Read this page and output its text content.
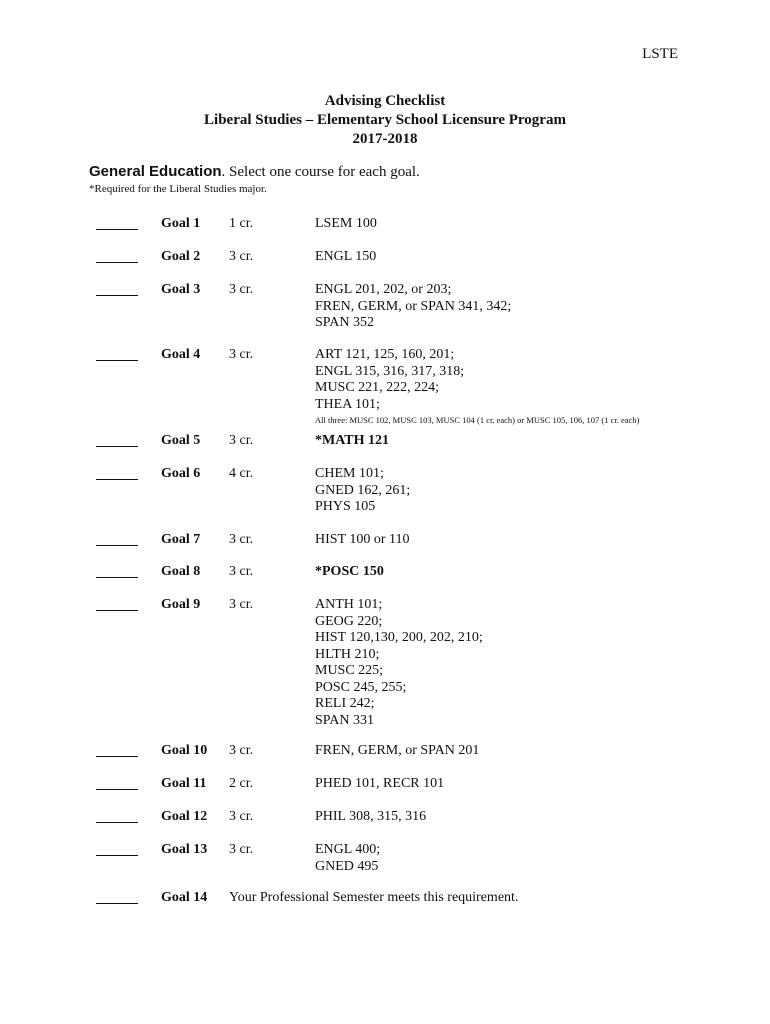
LSTE
Advising Checklist
Liberal Studies – Elementary School Licensure Program
2017-2018
General Education. Select one course for each goal.
*Required for the Liberal Studies major.
Goal 1 1 cr.	LSEM 100
Goal 2 3 cr.	ENGL 150
Goal 3 3 cr.	ENGL 201, 202, or 203;
FREN, GERM, or SPAN 341, 342;
SPAN 352
Goal 4 3 cr.	ART 121, 125, 160, 201;
ENGL 315, 316, 317, 318;
MUSC 221, 222, 224;
THEA 101;
All three: MUSC 102, MUSC 103, MUSC 104 (1 cr. each) or MUSC 105, 106, 107 (1 cr. each)
Goal 5 3 cr.	*MATH 121
Goal 6 4 cr.	CHEM 101;
GNED 162, 261;
PHYS 105
Goal 7 3 cr.	HIST 100 or 110
Goal 8 3 cr.	*POSC 150
Goal 9 3 cr.	ANTH 101;
GEOG 220;
HIST 120,130, 200, 202, 210;
HLTH 210;
MUSC 225;
POSC 245, 255;
RELI 242;
SPAN 331
Goal 10 3 cr.	FREN, GERM, or SPAN 201
Goal 11 2 cr.	PHED 101, RECR 101
Goal 12 3 cr.	PHIL 308, 315, 316
Goal 13 3 cr.	ENGL 400;
GNED 495
Goal 14 Your Professional Semester meets this requirement.
